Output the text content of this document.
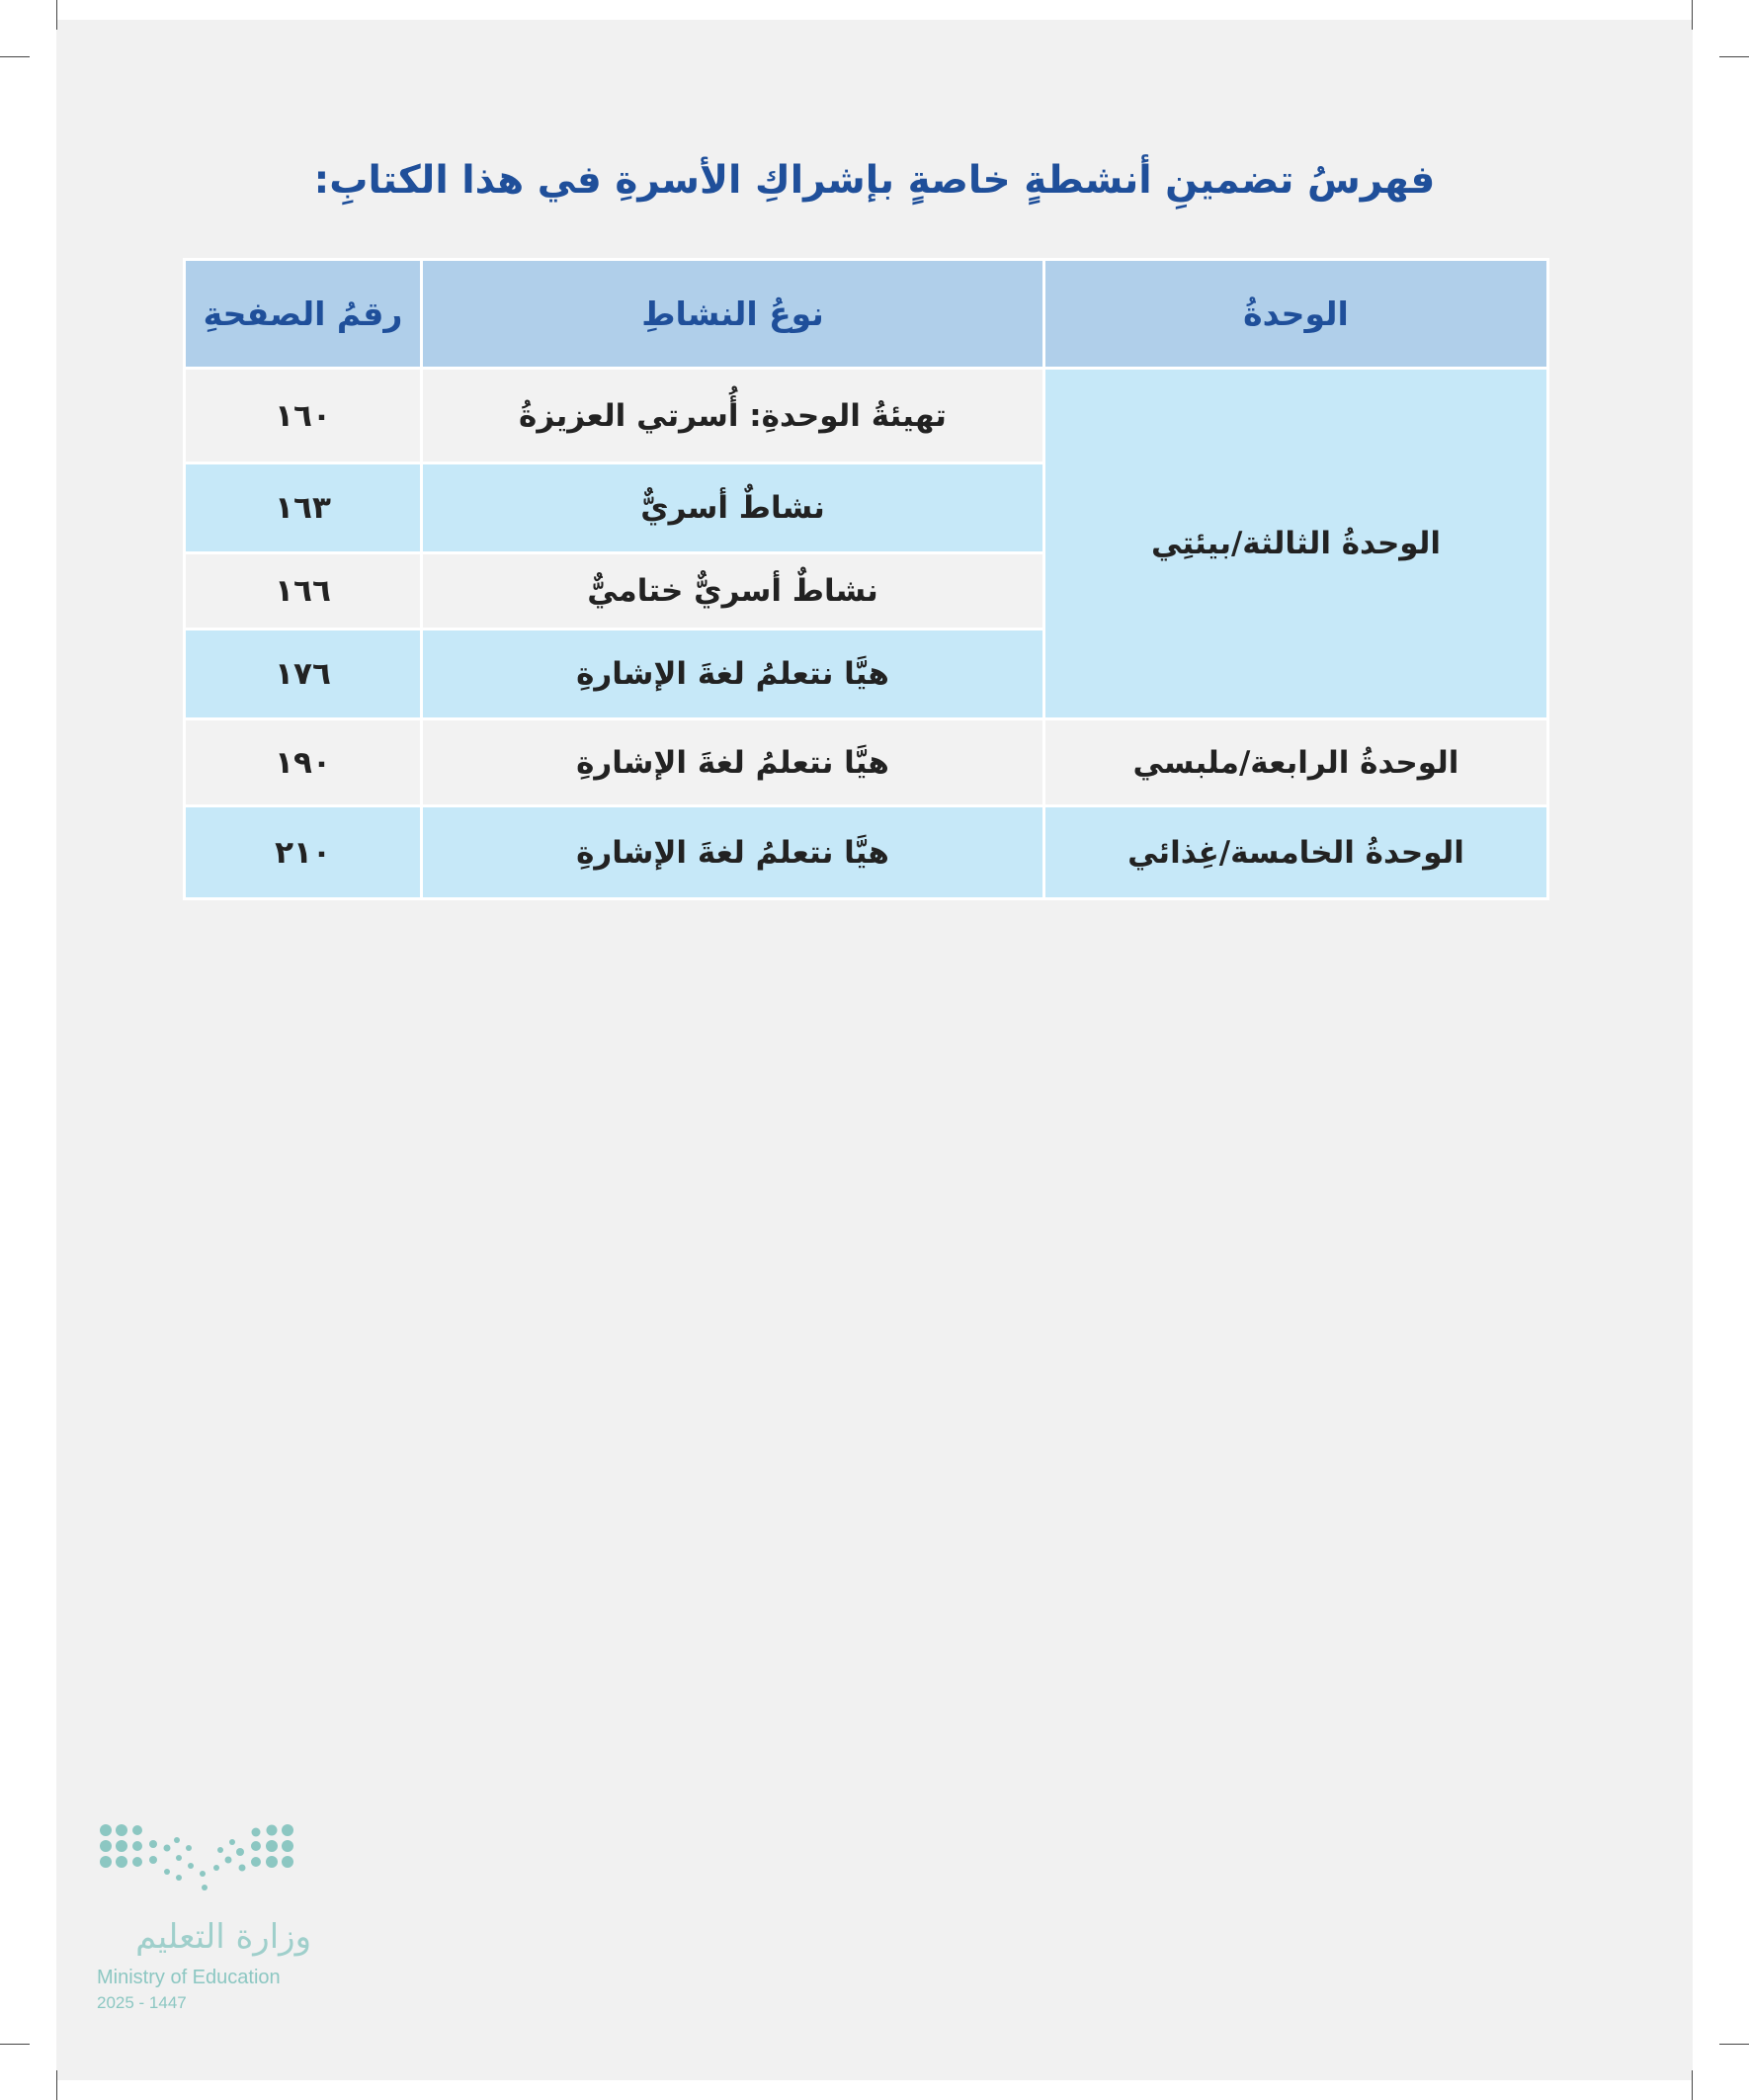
فهرسُ تضمينِ أنشطةٍ خاصةٍ بإشراكِ الأسرةِ في هذا الكتابِ:
الوحدةُ	نوعُ النشاطِ	رقمُ الصفحةِ
الوحدةُ الثالثة/بيئتِي	تهيئةُ الوحدةِ: أُسرتي العزيزةُ	١٦٠
	نشاطٌ أسريٌّ	١٦٣
	نشاطٌ أسريٌّ ختاميٌّ	١٦٦
	هيَّا نتعلمُ لغةَ الإشارةِ	١٧٦
الوحدةُ الرابعة/ملبسي	هيَّا نتعلمُ لغةَ الإشارةِ	١٩٠
الوحدةُ الخامسة/غِذائي	هيَّا نتعلمُ لغةَ الإشارةِ	٢١٠
وزارة التعليم
Ministry of Education
2025 - 1447
